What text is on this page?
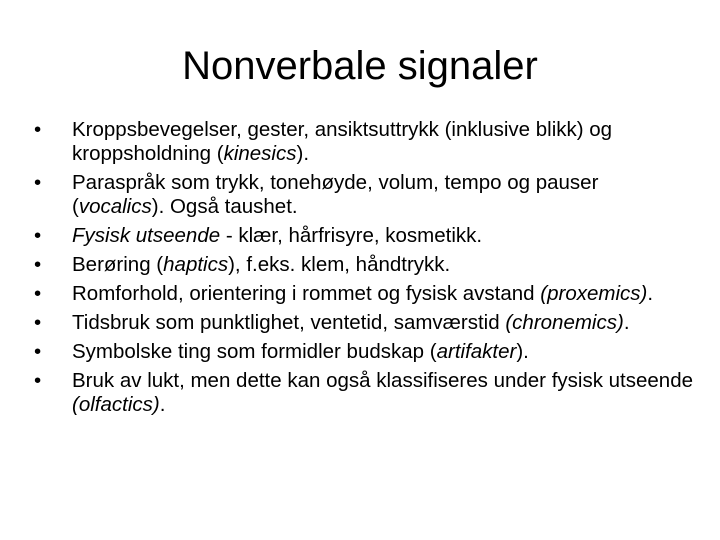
Nonverbale signaler
•	Kroppsbevegelser, gester, ansiktsuttrykk (inklusive blikk) og kroppsholdning (kinesics).
•	Paraspråk som trykk, tonehøyde, volum, tempo og pauser (vocalics). Også taushet.
•	Fysisk utseende - klær, hårfrisyre, kosmetikk.
•	Berøring (haptics), f.eks. klem, håndtrykk.
•	Romforhold, orientering i rommet og fysisk avstand (proxemics).
•	Tidsbruk som punktlighet, ventetid, samværstid (chronemics).
•	Symbolske ting som formidler budskap (artifakter).
•	Bruk av lukt, men dette kan også klassifiseres under fysisk utseende (olfactics).
